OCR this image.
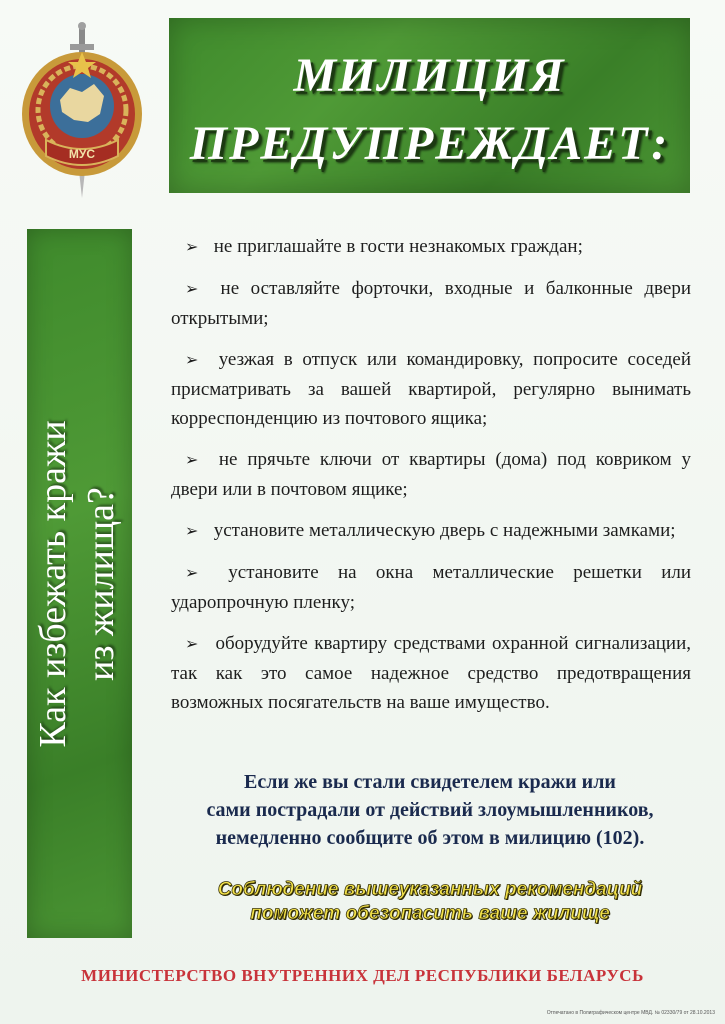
МУС
МИЛИЦИЯ
ПРЕДУПРЕЖДАЕТ:
Как избежать кражи из жилища?
➢ не приглашайте в гости незнакомых граждан;
➢ не оставляйте форточки, входные и балконные двери открытыми;
➢ уезжая в отпуск или командировку, попросите соседей присматривать за вашей квартирой, регулярно вынимать корреспонденцию из почтового ящика;
➢ не прячьте ключи от квартиры (дома) под ковриком у двери или в почтовом ящике;
➢ установите металлическую дверь с надежными замками;
➢ установите на окна металлические решетки или ударопрочную пленку;
➢ оборудуйте квартиру средствами охранной сигнализации, так как это самое надежное средство предотвращения возможных посягательств на ваше имущество.
Если же вы стали свидетелем кражи или
сами пострадали от действий злоумышленников,
немедленно сообщите об этом в милицию (102).
Соблюдение вышеуказанных рекомендаций
поможет обезопасить ваше жилище
МИНИСТЕРСТВО ВНУТРЕННИХ ДЕЛ РЕСПУБЛИКИ БЕЛАРУСЬ
Отпечатано в Полиграфическом центре МВД. № 02330/79 от 28.10.2013
